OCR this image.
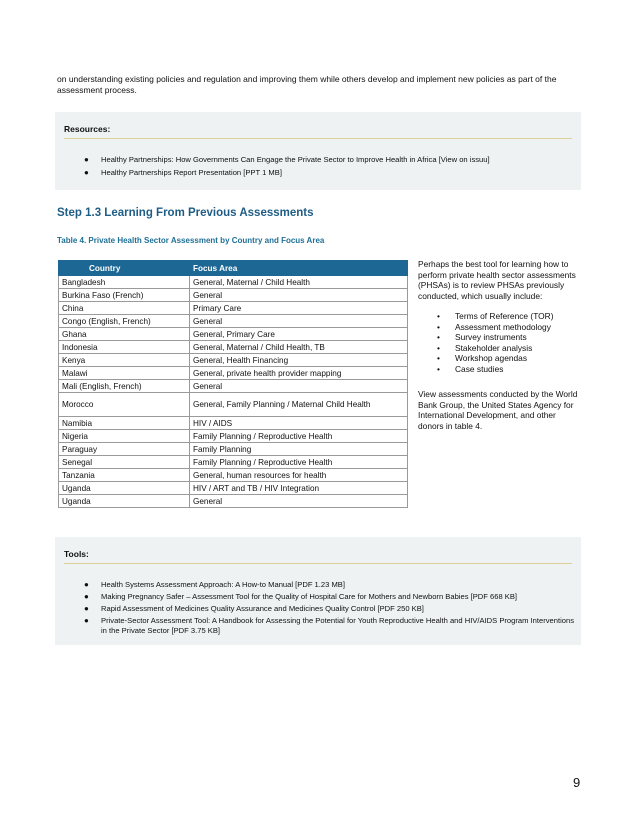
on understanding existing policies and regulation and improving them while others develop and implement new policies as part of the assessment process.
Resources:
● Healthy Partnerships: How Governments Can Engage the Private Sector to Improve Health in Africa [View on issuu]
● Healthy Partnerships Report Presentation [PPT 1 MB]
Step 1.3 Learning From Previous Assessments
Table 4. Private Health Sector Assessment by Country and Focus Area
Country	Focus Area
Bangladesh	General, Maternal / Child Health
Burkina Faso (French)	General
China	Primary Care
Congo (English, French)	General
Ghana	General, Primary Care
Indonesia	General, Maternal / Child Health, TB
Kenya	General, Health Financing
Malawi	General, private health provider mapping
Mali (English, French)	General
Morocco	General, Family Planning / Maternal Child Health
Namibia	HIV / AIDS
Nigeria	Family Planning / Reproductive Health
Paraguay	Family Planning
Senegal	Family Planning / Reproductive Health
Tanzania	General, human resources for health
Uganda	HIV / ART and TB / HIV Integration
Uganda	General
Perhaps the best tool for learning how to perform private health sector assessments (PHSAs) is to review PHSAs previously conducted, which usually include:
• Terms of Reference (TOR)
• Assessment methodology
• Survey instruments
• Stakeholder analysis
• Workshop agendas
• Case studies
View assessments conducted by the World Bank Group, the United States Agency for International Development, and other donors in table 4.
Tools:
● Health Systems Assessment Approach: A How-to Manual [PDF 1.23 MB]
● Making Pregnancy Safer – Assessment Tool for the Quality of Hospital Care for Mothers and Newborn Babies [PDF 668 KB]
● Rapid Assessment of Medicines Quality Assurance and Medicines Quality Control [PDF 250 KB]
● Private-Sector Assessment Tool: A Handbook for Assessing the Potential for Youth Reproductive Health and HIV/AIDS Program Interventions in the Private Sector [PDF 3.75 KB]
9
